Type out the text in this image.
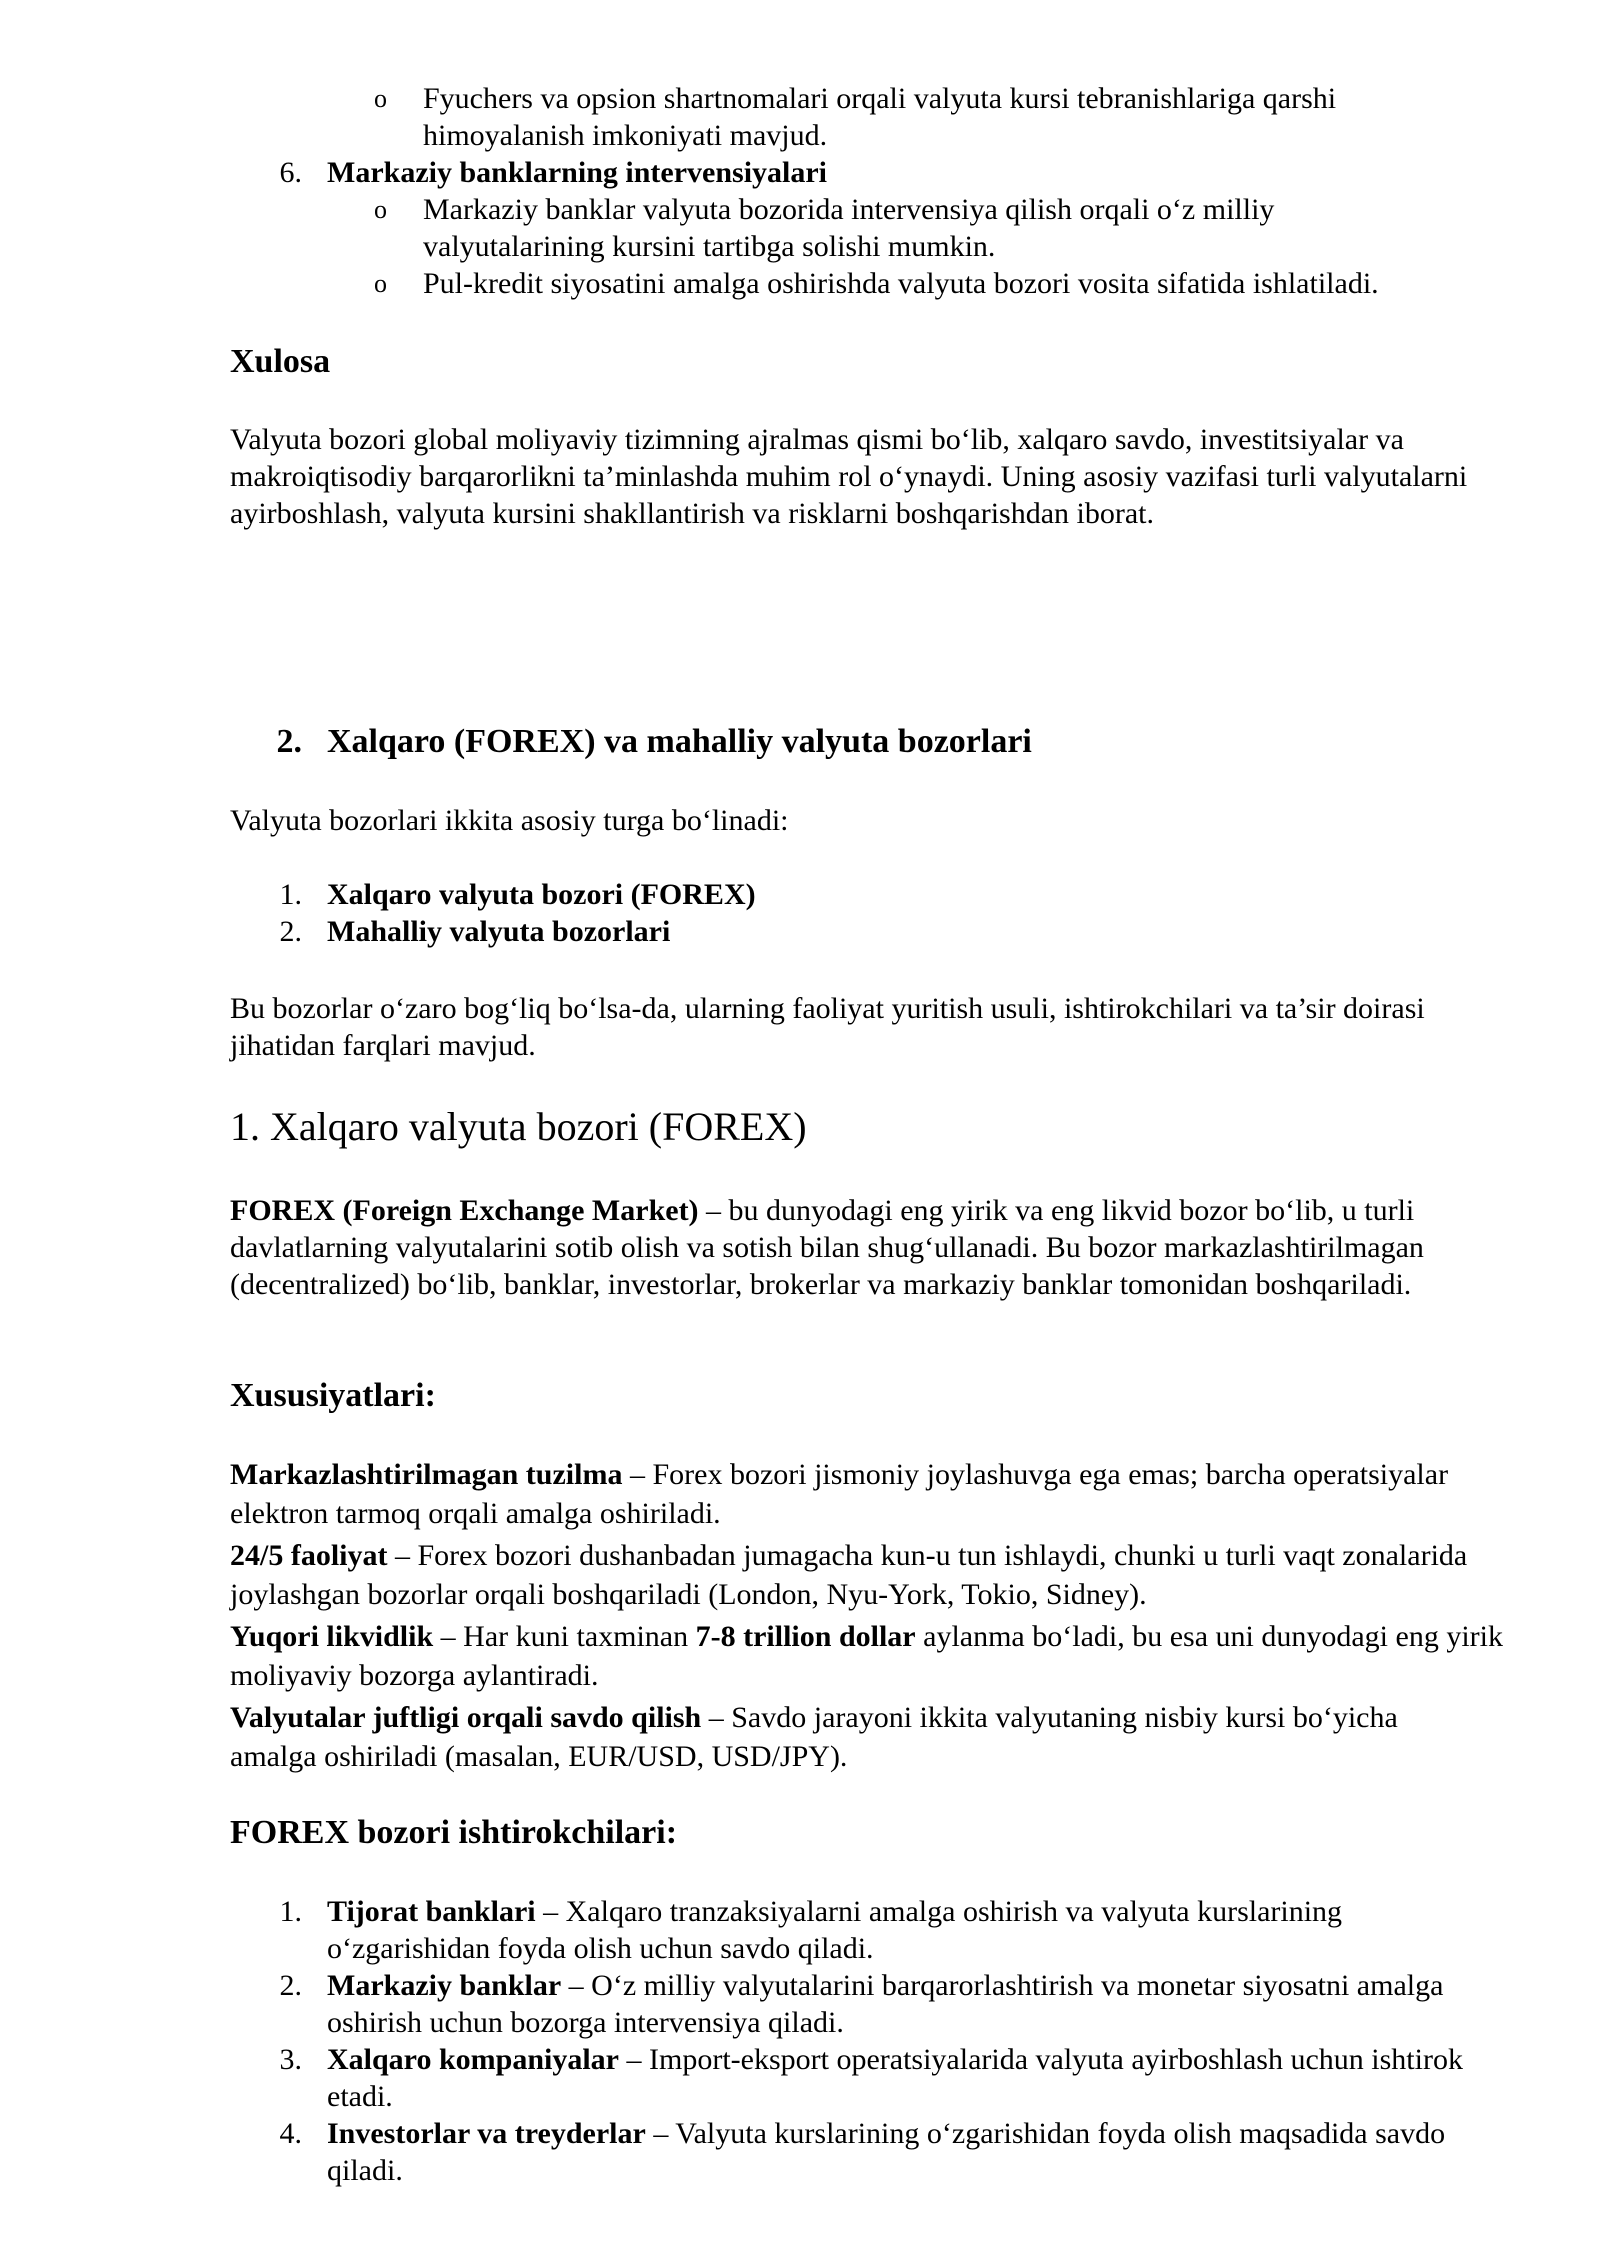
o Fyuchers va opsion shartnomalari orqali valyuta kursi tebranishlariga qarshi himoyalanish imkoniyati mavjud.

6. Markaziy banklarning intervensiyalari

o Markaziy banklar valyuta bozorida intervensiya qilish orqali o‘z milliy valyutalarining kursini tartibga solishi mumkin.

o Pul-kredit siyosatini amalga oshirishda valyuta bozori vosita sifatida ishlatiladi.

Xulosa

Valyuta bozori global moliyaviy tizimning ajralmas qismi bo‘lib, xalqaro savdo, investitsiyalar va makroiqtisodiy barqarorlikni ta’minlashda muhim rol o‘ynaydi. Uning asosiy vazifasi turli valyutalarni ayirboshlash, valyuta kursini shakllantirish va risklarni boshqarishdan iborat.

2. Xalqaro (FOREX) va mahalliy valyuta bozorlari

Valyuta bozorlari ikkita asosiy turga bo‘linadi:

1. Xalqaro valyuta bozori (FOREX)

2. Mahalliy valyuta bozorlari

Bu bozorlar o‘zaro bog‘liq bo‘lsa-da, ularning faoliyat yuritish usuli, ishtirokchilari va ta’sir doirasi jihatidan farqlari mavjud.

1. Xalqaro valyuta bozori (FOREX)

FOREX (Foreign Exchange Market) – bu dunyodagi eng yirik va eng likvid bozor bo‘lib, u turli davlatlarning valyutalarini sotib olish va sotish bilan shug‘ullanadi. Bu bozor markazlashtirilmagan (decentralized) bo‘lib, banklar, investorlar, brokerlar va markaziy banklar tomonidan boshqariladi.

Xususiyatlari:

Markazlashtirilmagan tuzilma – Forex bozori jismoniy joylashuvga ega emas; barcha operatsiyalar elektron tarmoq orqali amalga oshiriladi.

24/5 faoliyat – Forex bozori dushanbadan jumagacha kun-u tun ishlaydi, chunki u turli vaqt zonalarida joylashgan bozorlar orqali boshqariladi (London, Nyu-York, Tokio, Sidney).

Yuqori likvidlik – Har kuni taxminan 7-8 trillion dollar aylanma bo‘ladi, bu esa uni dunyodagi eng yirik moliyaviy bozorga aylantiradi.

Valyutalar juftligi orqali savdo qilish – Savdo jarayoni ikkita valyutaning nisbiy kursi bo‘yicha amalga oshiriladi (masalan, EUR/USD, USD/JPY).

FOREX bozori ishtirokchilari:
1. Tijorat banklari – Xalqaro tranzaksiyalarni amalga oshirish va valyuta kurslarining o‘zgarishidan foyda olish uchun savdo qiladi.

2. Markaziy banklar – O‘z milliy valyutalarini barqarorlashtirish va monetar siyosatni amalga oshirish uchun bozorga intervensiya qiladi.

3. Xalqaro kompaniyalar – Import-eksport operatsiyalarida valyuta ayirboshlash uchun ishtirok etadi.

4. Investorlar va treyderlar – Valyuta kurslarining o‘zgarishidan foyda olish maqsadida savdo qiladi.
